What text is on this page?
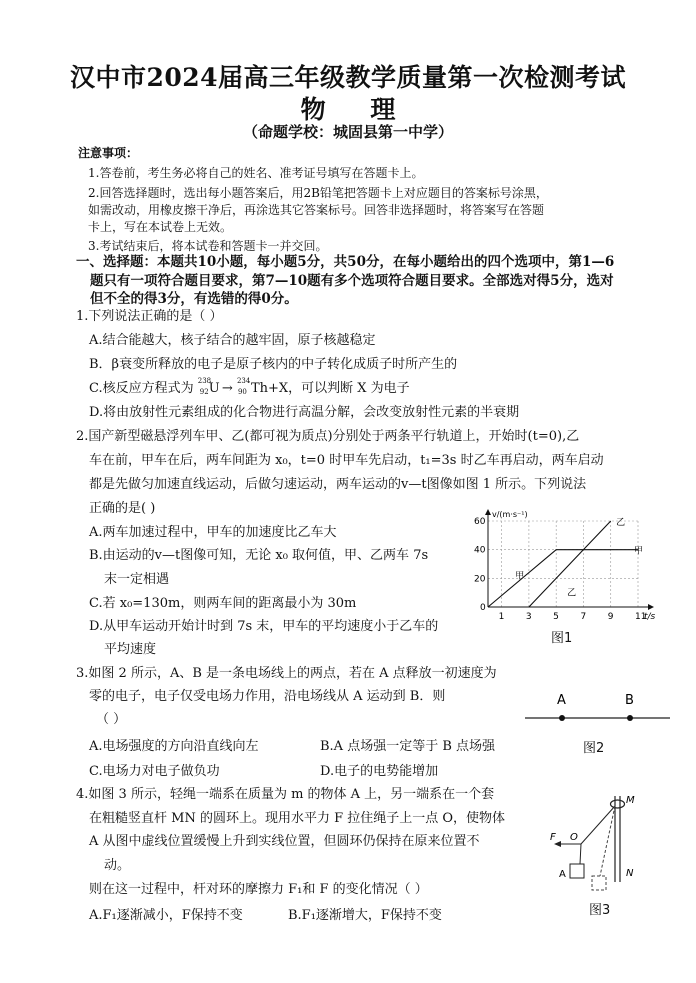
汉中市2024届高三年级教学质量第一次检测考试
物 理
（命题学校：城固县第一中学）
注意事项：
1.答卷前，考生务必将自己的姓名、准考证号填写在答题卡上。
2.回答选择题时，选出每小题答案后，用2B铅笔把答题卡上对应题目的答案标号涂黑，
如需改动，用橡皮擦干净后，再涂选其它答案标号。回答非选择题时，将答案写在答题
卡上，写在本试卷上无效。
3.考试结束后，将本试卷和答题卡一并交回。
一、选择题：本题共10小题，每小题5分，共50分，在每小题给出的四个选项中，第1—6
题只有一项符合题目要求，第7—10题有多个选项符合题目要求。全部选对得5分，选对
但不全的得3分，有选错的得0分。
1.下列说法正确的是（ ）
A.结合能越大，核子结合的越牢固，原子核越稳定
B．β衰变所释放的电子是原子核内的中子转化成质子时所产生的
C.核反应方程式为
238
92 U →
234
90 Th+X，可以判断 X 为电子
D.将由放射性元素组成的化合物进行高温分解，会改变放射性元素的半衰期
2.国产新型磁悬浮列车甲、乙(都可视为质点)分别处于两条平行轨道上，开始时(t=0),乙
车在前，甲车在后，两车间距为 x₀，t=0 时甲车先启动，t₁=3s 时乙车再启动，两车启动
都是先做匀加速直线运动，后做匀速运动，两车运动的v—t图像如图 1 所示。下列说法
正确的是( )
A.两车加速过程中，甲车的加速度比乙车大
B.由运动的v—t图像可知，无论 x₀ 取何值，甲、乙两车 7s
末一定相遇
C.若 x₀=130m，则两车间的距离最小为 30m
D.从甲车运动开始计时到 7s 末，甲车的平均速度小于乙车的
平均速度
1 3 5 7 9 11
20
40
60
0
v/(m·s⁻¹)
t/s
甲
甲
乙
乙
图1
3.如图 2 所示，A、B 是一条电场线上的两点，若在 A 点释放一初速度为
零的电子，电子仅受电场力作用，沿电场线从 A 运动到 B．则
（ ）
A.电场强度的方向沿直线向左	B.A 点场强一定等于 B 点场强
C.电场力对电子做负功	D.电子的电势能增加
A	B
图2
4.如图 3 所示，轻绳一端系在质量为 m 的物体 A 上，另一端系在一个套
在粗糙竖直杆 MN 的圆环上。现用水平力 F 拉住绳子上一点 O，使物体
A 从图中虚线位置缓慢上升到实线位置，但圆环仍保持在原来位置不
动。
则在这一过程中，杆对环的摩擦力 F₁和 F 的变化情况（ ）
A.F₁逐渐减小，F保持不变	B.F₁逐渐增大，F保持不变
M
N
F O
A
图3
